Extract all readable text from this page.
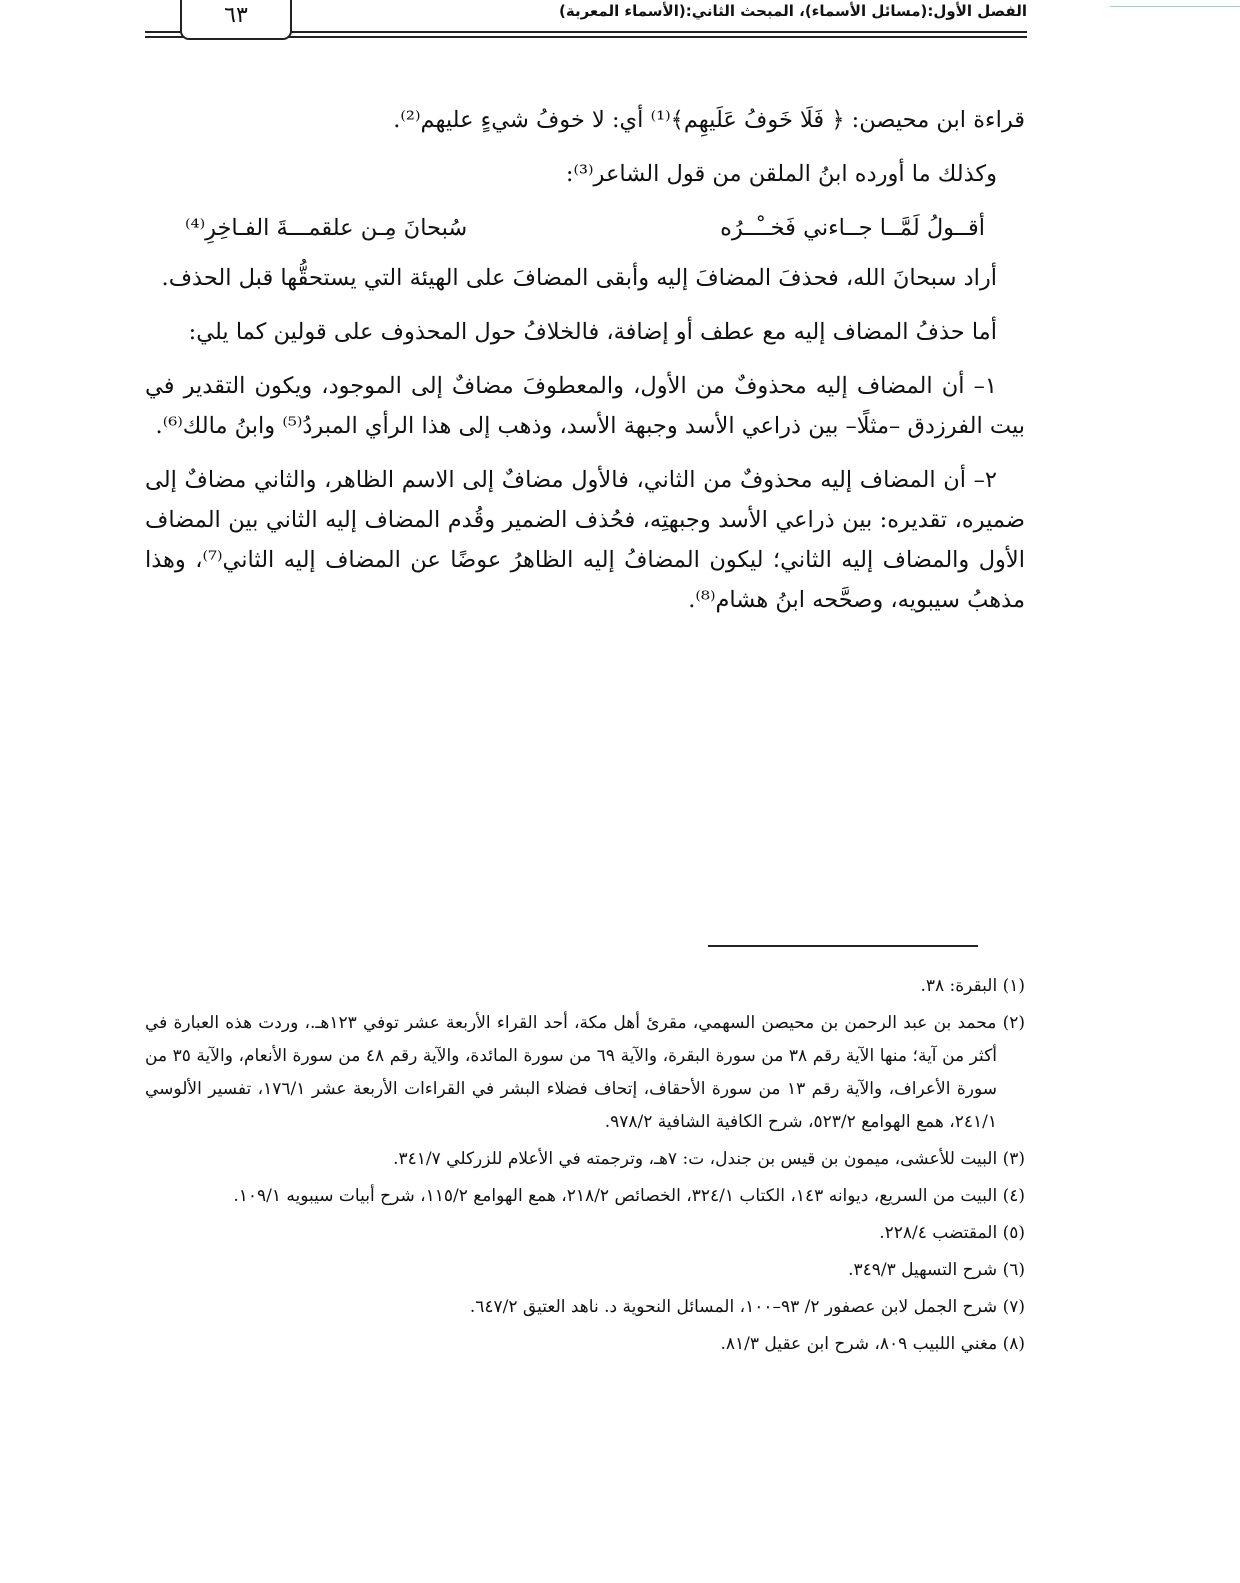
٦٣	الفصل الأول:(مسائل الأسماء)، المبحث الثاني:(الأسماء المعربة)

قراءة ابن محيصن: ﴿ فَلَا خَوفُ عَلَيهِم﴾⁽¹⁾ أي: لا خوفُ شيءٍ عليهم⁽²⁾.

وكذلك ما أورده ابنُ الملقن من قول الشاعر⁽³⁾:

أقــولُ لَمَّــا جــاءني فَخــْــرُه
سُبحانَ مِـن علقمـــةَ الفـاخِرِ⁽⁴⁾

أراد سبحانَ الله، فحذفَ المضافَ إليه وأبقى المضافَ على الهيئة التي يستحقُّها قبل الحذف.

أما حذفُ المضاف إليه مع عطف أو إضافة، فالخلافُ حول المحذوف على قولين كما يلي:

١– أن المضاف إليه محذوفٌ من الأول، والمعطوفَ مضافٌ إلى الموجود، ويكون التقدير في بيت الفرزدق –مثلًا– بين ذراعي الأسد وجبهة الأسد، وذهب إلى هذا الرأي المبردُ⁽⁵⁾ وابنُ مالك⁽⁶⁾.

٢– أن المضاف إليه محذوفٌ من الثاني، فالأول مضافٌ إلى الاسم الظاهر، والثاني مضافٌ إلى ضميره، تقديره: بين ذراعي الأسد وجبهتِه، فحُذف الضمير وقُدم المضاف إليه الثاني بين المضاف الأول والمضاف إليه الثاني؛ ليكون المضافُ إليه الظاهرُ عوضًا عن المضاف إليه الثاني⁽⁷⁾، وهذا مذهبُ سيبويه، وصحَّحه ابنُ هشام⁽⁸⁾.

(١) البقرة: ٣٨.

(٢) محمد بن عبد الرحمن بن محيصن السهمي، مقرئ أهل مكة، أحد القراء الأربعة عشر توفي ١٢٣هـ.، وردت هذه العبارة في أكثر من آية؛ منها الآية رقم ٣٨ من سورة البقرة، والآية ٦٩ من سورة المائدة، والآية رقم ٤٨ من سورة الأنعام، والآية ٣٥ من سورة الأعراف، والآية رقم ١٣ من سورة الأحقاف، إتحاف فضلاء البشر في القراءات الأربعة عشر ١٧٦/١، تفسير الألوسي ٢٤١/١، همع الهوامع ٥٢٣/٢، شرح الكافية الشافية ٩٧٨/٢.

(٣) البيت للأعشى، ميمون بن قيس بن جندل، ت: ٧هـ، وترجمته في الأعلام للزركلي ٣٤١/٧.

(٤) البيت من السريع، ديوانه ١٤٣، الكتاب ٣٢٤/١، الخصائص ٢١٨/٢، همع الهوامع ١١٥/٢، شرح أبيات سيبويه ١٠٩/١.

(٥) المقتضب ٢٢٨/٤.

(٦) شرح التسهيل ٣٤٩/٣.

(٧) شرح الجمل لابن عصفور ٢/ ٩٣–١٠٠، المسائل النحوية د. ناهد العتيق ٦٤٧/٢.

(٨) مغني اللبيب ٨٠٩، شرح ابن عقيل ٨١/٣.
